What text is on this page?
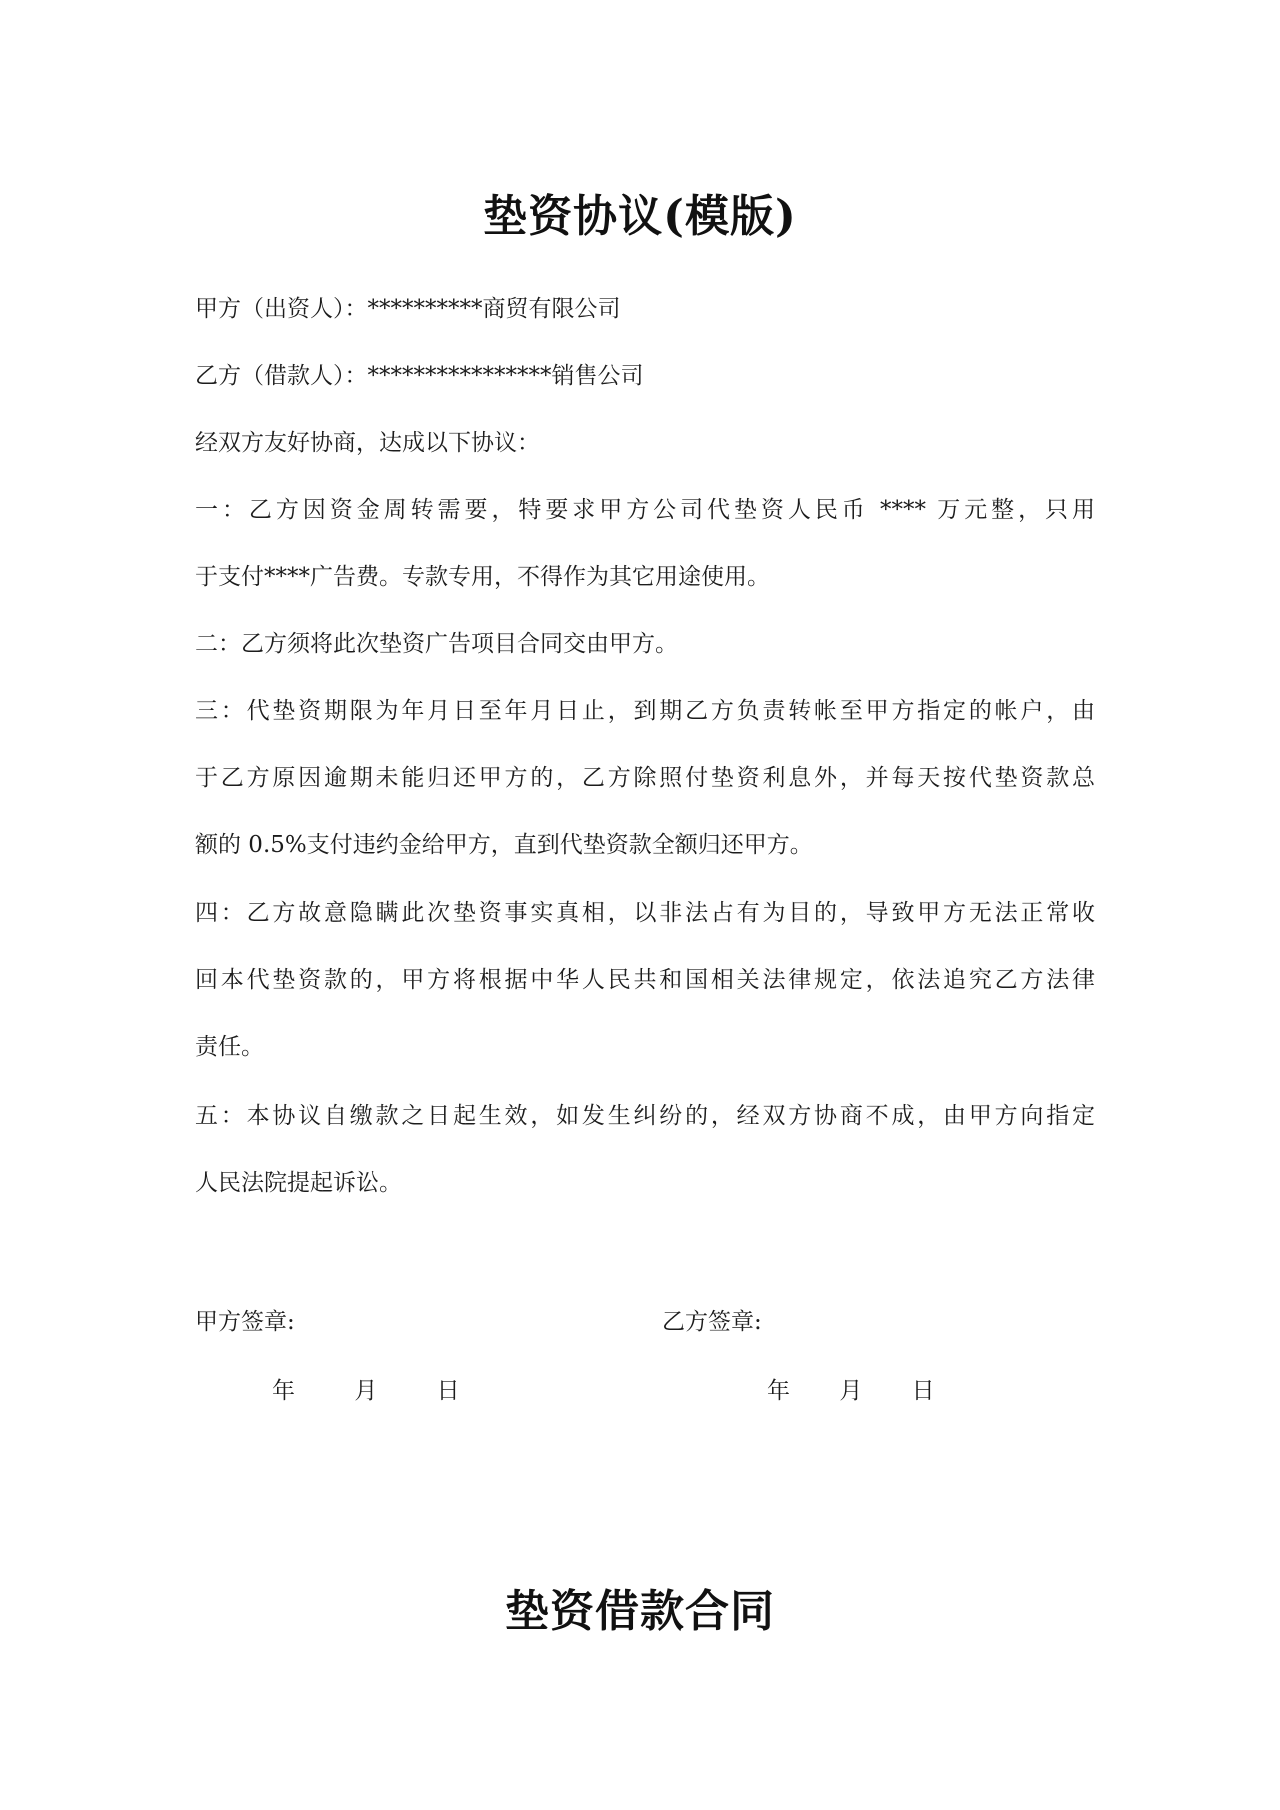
垫资协议(模版)
甲方（出资人）：**********商贸有限公司
乙方（借款人）：****************销售公司
经双方友好协商，达成以下协议：
一：乙方因资金周转需要，特要求甲方公司代垫资人民币 **** 万元整，只用
于支付****广告费。专款专用，不得作为其它用途使用。
二：乙方须将此次垫资广告项目合同交由甲方。
三：代垫资期限为年月日至年月日止，到期乙方负责转帐至甲方指定的帐户，由
于乙方原因逾期未能归还甲方的，乙方除照付垫资利息外，并每天按代垫资款总
额的 0.5%支付违约金给甲方，直到代垫资款全额归还甲方。
四：乙方故意隐瞒此次垫资事实真相，以非法占有为目的，导致甲方无法正常收
回本代垫资款的，甲方将根据中华人民共和国相关法律规定，依法追究乙方法律
责任。
五：本协议自缴款之日起生效，如发生纠纷的，经双方协商不成，由甲方向指定
人民法院提起诉讼。
甲方签章:	乙方签章:
年	月	日	年 月 日
垫资借款合同
